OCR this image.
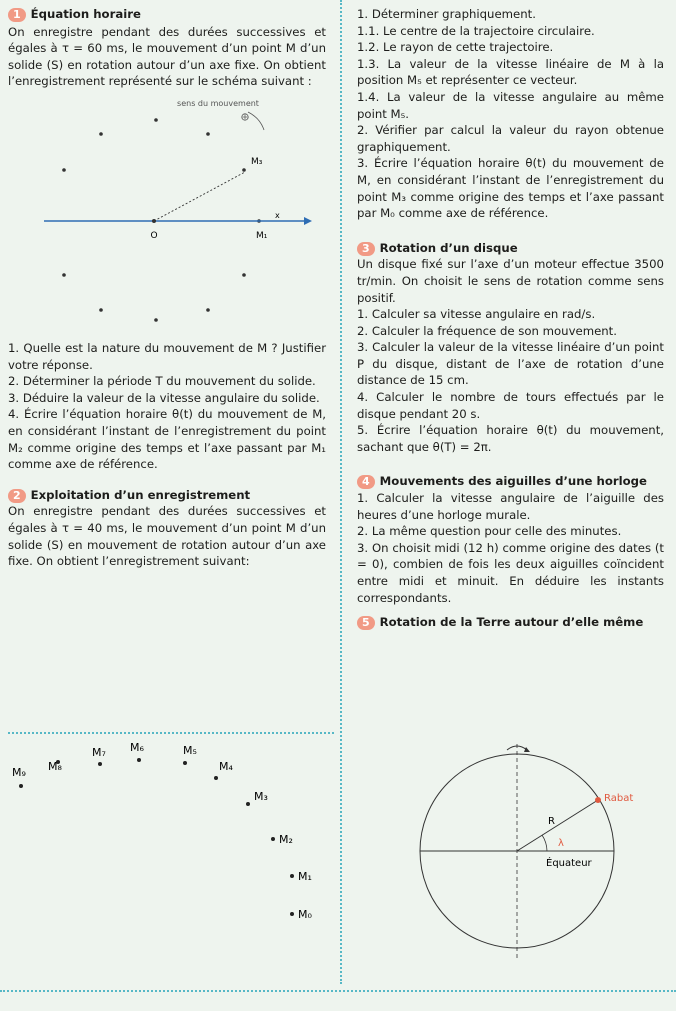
1 Équation horaire

On enregistre pendant des durées successives et égales à τ = 60 ms, le mouvement d’un point M d’un solide (S) en rotation autour d’un axe fixe. On obtient l’enregistrement représenté sur le schéma suivant :

sens du mouvement
O
M₃
M₁
x

1. Quelle est la nature du mouvement de M ? Justifier votre réponse.

2. Déterminer la période T du mouvement du solide.

3. Déduire la valeur de la vitesse angulaire du solide.

4. Écrire l’équation horaire θ(t) du mouvement de M, en considérant l’instant de l’enregistrement du point M₂ comme origine des temps et l’axe passant par M₁ comme axe de référence.

2 Exploitation d’un enregistrement

On enregistre pendant des durées successives et égales à τ = 40 ms, le mouvement d’un point M d’un solide (S) en mouvement de rotation autour d’un axe fixe. On obtient l’enregistrement suivant:

M₀
M₁
M₂
M₃
M₄
M₅
M₆
M₇
M₈
M₉

1. Déterminer graphiquement.

1.1. Le centre de la trajectoire circulaire.

1.2. Le rayon de cette trajectoire.

1.3. La valeur de la vitesse linéaire de M à la position M₅ et représenter ce vecteur.

1.4. La valeur de la vitesse angulaire au même point M₅.

2. Vérifier par calcul la valeur du rayon obtenue graphiquement.

3. Écrire l’équation horaire θ(t) du mouvement de M, en considérant l’instant de l’enregistrement du point M₃ comme origine des temps et l’axe passant par M₀ comme axe de référence.

3 Rotation d’un disque

Un disque fixé sur l’axe d’un moteur effectue 3500 tr/min. On choisit le sens de rotation comme sens positif.

1. Calculer sa vitesse angulaire en rad/s.

2. Calculer la fréquence de son mouvement.

3. Calculer la valeur de la vitesse linéaire d’un point P du disque, distant de l’axe de rotation d’une distance de 15 cm.

4. Calculer le nombre de tours effectués par le disque pendant 20 s.

5. Écrire l’équation horaire θ(t) du mouvement, sachant que θ(T) = 2π.

4 Mouvements des aiguilles d’une horloge

1. Calculer la vitesse angulaire de l’aiguille des heures d’une horloge murale.

2. La même question pour celle des minutes.

3. On choisit midi (12 h) comme origine des dates (t = 0), combien de fois les deux aiguilles coïncident entre midi et minuit. En déduire les instants correspondants.

5 Rotation de la Terre autour d’elle même
Rabat
R
λ
Équateur
